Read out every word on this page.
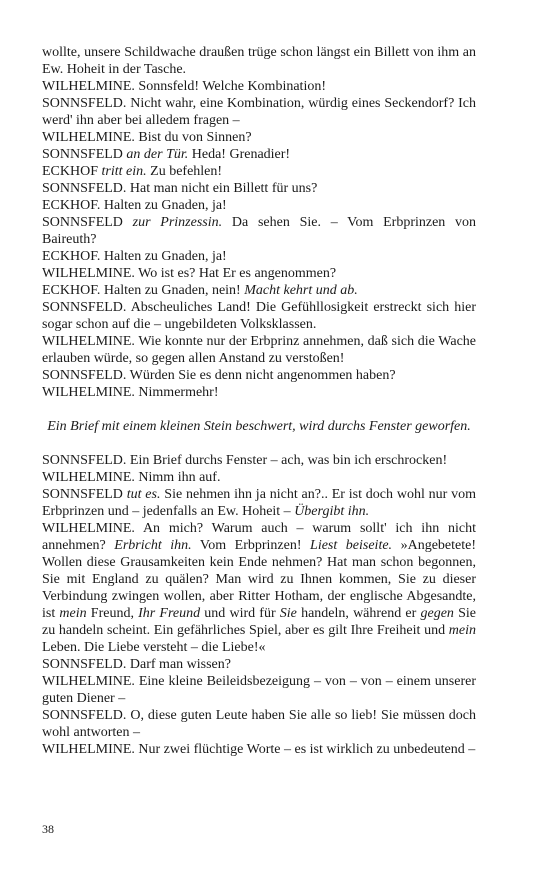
wollte, unsere Schildwache draußen trüge schon längst ein Billett von ihm an Ew. Hoheit in der Tasche.

WILHELMINE. Sonnsfeld! Welche Kombination!

SONNSFELD. Nicht wahr, eine Kombination, würdig eines Seckendorf? Ich werd' ihn aber bei alledem fragen –

WILHELMINE. Bist du von Sinnen?

SONNSFELD an der Tür. Heda! Grenadier!

ECKHOF tritt ein. Zu befehlen!

SONNSFELD. Hat man nicht ein Billett für uns?

ECKHOF. Halten zu Gnaden, ja!

SONNSFELD zur Prinzessin. Da sehen Sie. – Vom Erbprinzen von Baireuth?

ECKHOF. Halten zu Gnaden, ja!

WILHELMINE. Wo ist es? Hat Er es angenommen?

ECKHOF. Halten zu Gnaden, nein! Macht kehrt und ab.

SONNSFELD. Abscheuliches Land! Die Gefühllosigkeit erstreckt sich hier sogar schon auf die – ungebildeten Volksklassen.

WILHELMINE. Wie konnte nur der Erbprinz annehmen, daß sich die Wache erlauben würde, so gegen allen Anstand zu verstoßen!

SONNSFELD. Würden Sie es denn nicht angenommen haben?

WILHELMINE. Nimmermehr!

Ein Brief mit einem kleinen Stein beschwert, wird durchs Fenster geworfen.

SONNSFELD. Ein Brief durchs Fenster – ach, was bin ich erschrocken!

WILHELMINE. Nimm ihn auf.

SONNSFELD tut es. Sie nehmen ihn ja nicht an?.. Er ist doch wohl nur vom Erbprinzen und – jedenfalls an Ew. Hoheit – Übergibt ihn.

WILHELMINE. An mich? Warum auch – warum sollt' ich ihn nicht annehmen? Erbricht ihn. Vom Erbprinzen! Liest beiseite. »Angebetete! Wollen diese Grausamkeiten kein Ende nehmen? Hat man schon begonnen, Sie mit England zu quälen? Man wird zu Ihnen kommen, Sie zu dieser Verbindung zwingen wollen, aber Ritter Hotham, der englische Abgesandte, ist mein Freund, Ihr Freund und wird für Sie handeln, während er gegen Sie zu handeln scheint. Ein gefährliches Spiel, aber es gilt Ihre Freiheit und mein Leben. Die Liebe versteht – die Liebe!«

SONNSFELD. Darf man wissen?

WILHELMINE. Eine kleine Beileidsbezeigung – von – von – einem unserer guten Diener –

SONNSFELD. O, diese guten Leute haben Sie alle so lieb! Sie müssen doch wohl antworten –

WILHELMINE. Nur zwei flüchtige Worte – es ist wirklich zu unbedeutend –

38
